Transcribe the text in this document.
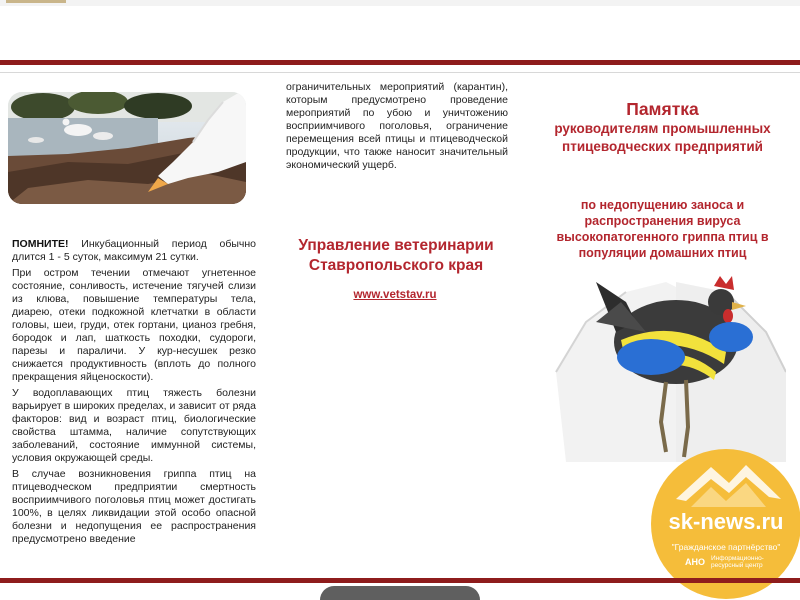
ПОМНИТЕ! Инкубационный период обычно длится 1 - 5 суток, максимум 21 сутки.

При остром течении отмечают угнетенное состояние, сонливость, истечение тягучей слизи из клюва, повышение температуры тела, диарею, отеки подкожной клетчатки в области головы, шеи, груди, отек гортани, цианоз гребня, бородок и лап, шаткость походки, судороги, парезы и параличи. У кур-несушек резко снижается продуктивность (вплоть до полного прекращения яйценоскости).

У водоплавающих птиц тяжесть болезни варьирует в широких пределах, и зависит от ряда факторов: вид и возраст птиц, биологические свойства штамма, наличие сопутствующих заболеваний, состояние иммунной системы, условия окружающей среды.

В случае возникновения гриппа птиц на птицеводческом предприятии смертность восприимчивого поголовья птиц может достигать 100%, в целях ликвидации этой особо опасной болезни и недопущения ее распространения предусмотрено введение

ограничительных мероприятий (карантин), которым предусмотрено проведение мероприятий по убою и уничтожению восприимчивого поголовья, ограничение перемещения всей птицы и птицеводческой продукции, что также наносит значительный экономический ущерб.

Управление ветеринарии Ставропольского края
www.vetstav.ru
Памятка
руководителям промышленных птицеводческих предприятий
по недопущению заноса и распространения вируса высокопатогенного гриппа птиц в популяции домашних птиц
sk-news.ru
"Гражданское партнёрство"
АНО Информационно-ресурсный центр
